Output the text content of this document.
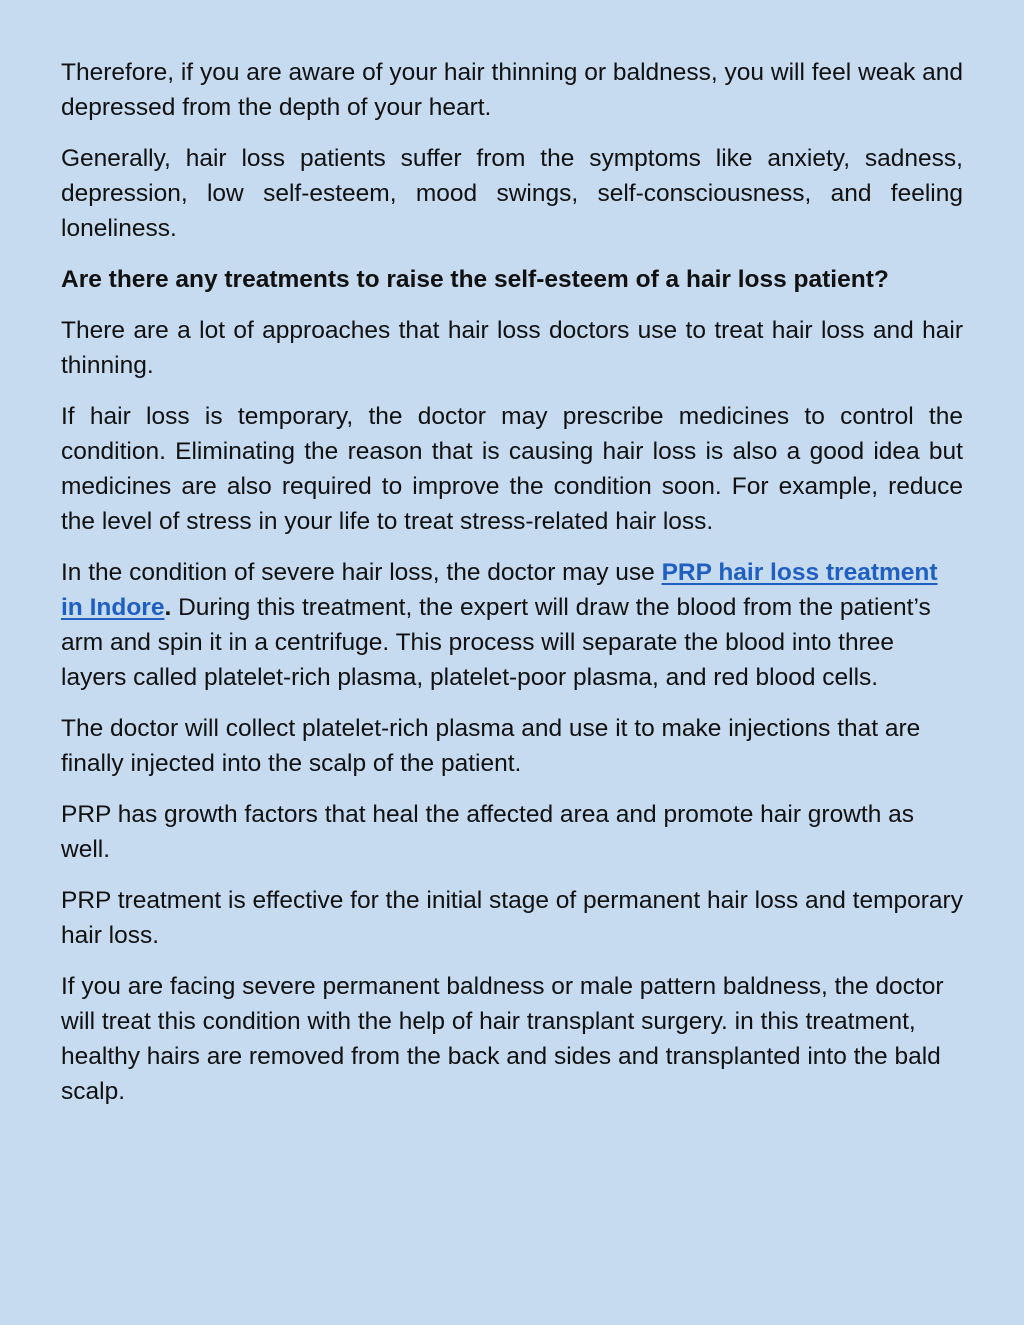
Therefore, if you are aware of your hair thinning or baldness, you will feel weak and depressed from the depth of your heart.

Generally, hair loss patients suffer from the symptoms like anxiety, sadness, depression, low self-esteem, mood swings, self-consciousness, and feeling loneliness.

Are there any treatments to raise the self-esteem of a hair loss patient?

There are a lot of approaches that hair loss doctors use to treat hair loss and hair thinning.

If hair loss is temporary, the doctor may prescribe medicines to control the condition. Eliminating the reason that is causing hair loss is also a good idea but medicines are also required to improve the condition soon. For example, reduce the level of stress in your life to treat stress-related hair loss.

In the condition of severe hair loss, the doctor may use PRP hair loss treatment in Indore. During this treatment, the expert will draw the blood from the patient’s arm and spin it in a centrifuge. This process will separate the blood into three layers called platelet-rich plasma, platelet-poor plasma, and red blood cells.

The doctor will collect platelet-rich plasma and use it to make injections that are finally injected into the scalp of the patient.

PRP has growth factors that heal the affected area and promote hair growth as well.

PRP treatment is effective for the initial stage of permanent hair loss and temporary hair loss.

If you are facing severe permanent baldness or male pattern baldness, the doctor will treat this condition with the help of hair transplant surgery. in this treatment, healthy hairs are removed from the back and sides and transplanted into the bald scalp.
